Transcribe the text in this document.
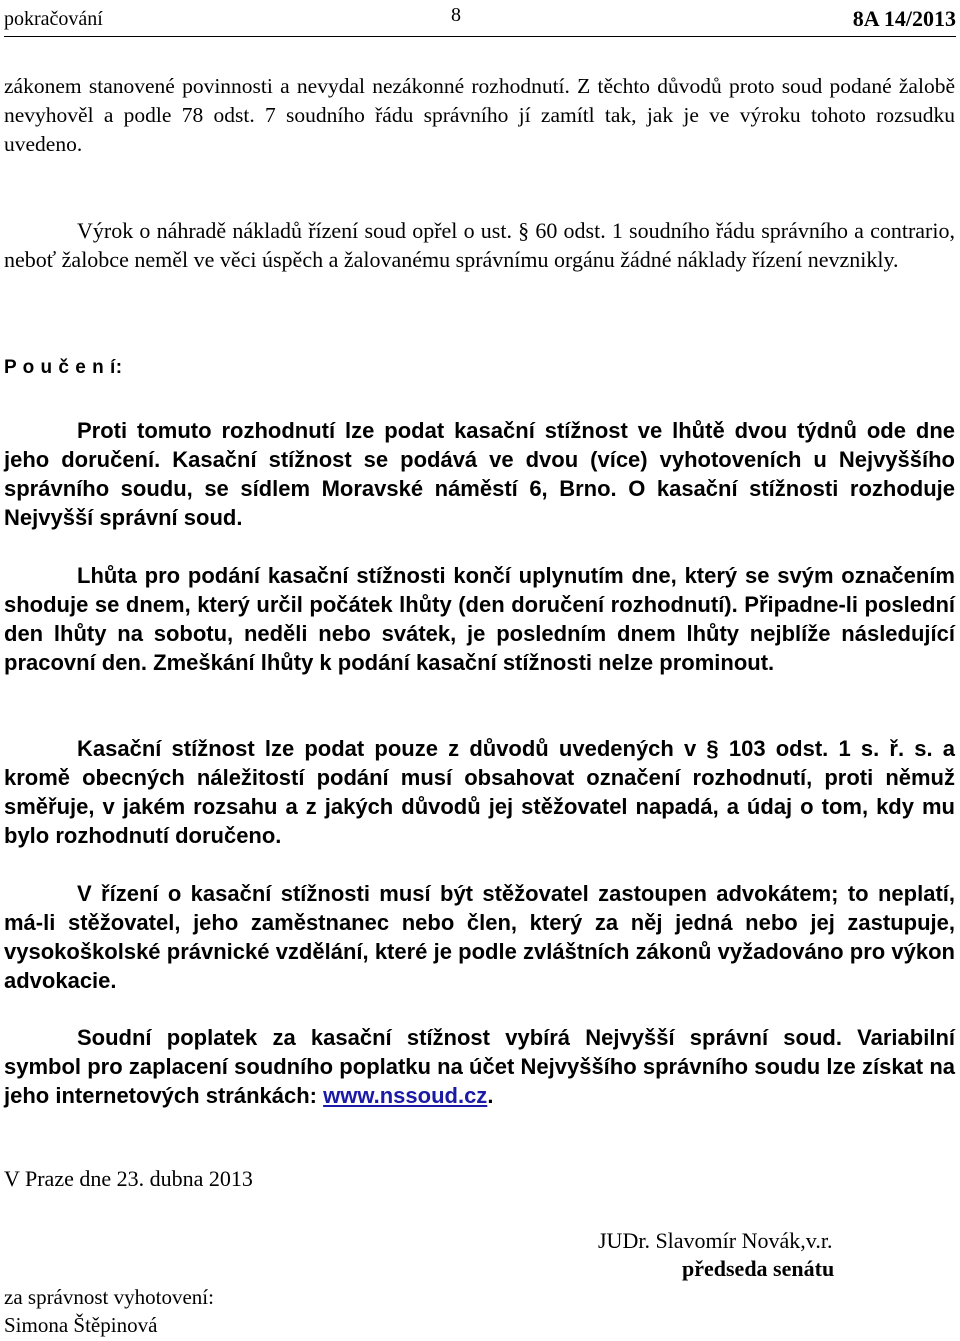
pokračování	8	8A 14/2013
zákonem stanovené povinnosti a nevydal nezákonné rozhodnutí. Z těchto důvodů proto soud podané žalobě nevyhověl a podle 78 odst. 7 soudního řádu správního jí zamítl tak, jak je ve výroku tohoto rozsudku uvedeno.
Výrok o náhradě nákladů řízení soud opřel o ust. § 60 odst. 1 soudního řádu správního a contrario, neboť žalobce neměl ve věci úspěch a žalovanému správnímu orgánu žádné náklady řízení nevznikly.
P o u č e n í:
Proti tomuto rozhodnutí lze podat kasační stížnost ve lhůtě dvou týdnů ode dne jeho doručení. Kasační stížnost se podává ve dvou (více) vyhotoveních u Nejvyššího správního soudu, se sídlem Moravské náměstí 6, Brno. O kasační stížnosti rozhoduje Nejvyšší správní soud.
Lhůta pro podání kasační stížnosti končí uplynutím dne, který se svým označením shoduje se dnem, který určil počátek lhůty (den doručení rozhodnutí). Připadne-li poslední den lhůty na sobotu, neděli nebo svátek, je posledním dnem lhůty nejblíže následující pracovní den. Zmeškání lhůty k podání kasační stížnosti nelze prominout.
Kasační stížnost lze podat pouze z důvodů uvedených v § 103 odst. 1 s. ř. s. a kromě obecných náležitostí podání musí obsahovat označení rozhodnutí, proti němuž směřuje, v jakém rozsahu a z jakých důvodů jej stěžovatel napadá, a údaj o tom, kdy mu bylo rozhodnutí doručeno.
V řízení o kasační stížnosti musí být stěžovatel zastoupen advokátem; to neplatí, má-li stěžovatel, jeho zaměstnanec nebo člen, který za něj jedná nebo jej zastupuje, vysokoškolské právnické vzdělání, které je podle zvláštních zákonů vyžadováno pro výkon advokacie.
Soudní poplatek za kasační stížnost vybírá Nejvyšší správní soud. Variabilní symbol pro zaplacení soudního poplatku na účet Nejvyššího správního soudu lze získat na jeho internetových stránkách: www.nssoud.cz.
V Praze dne 23. dubna 2013
JUDr. Slavomír Novák,v.r.
předseda senátu
za správnost vyhotovení:
Simona Štěpinová
